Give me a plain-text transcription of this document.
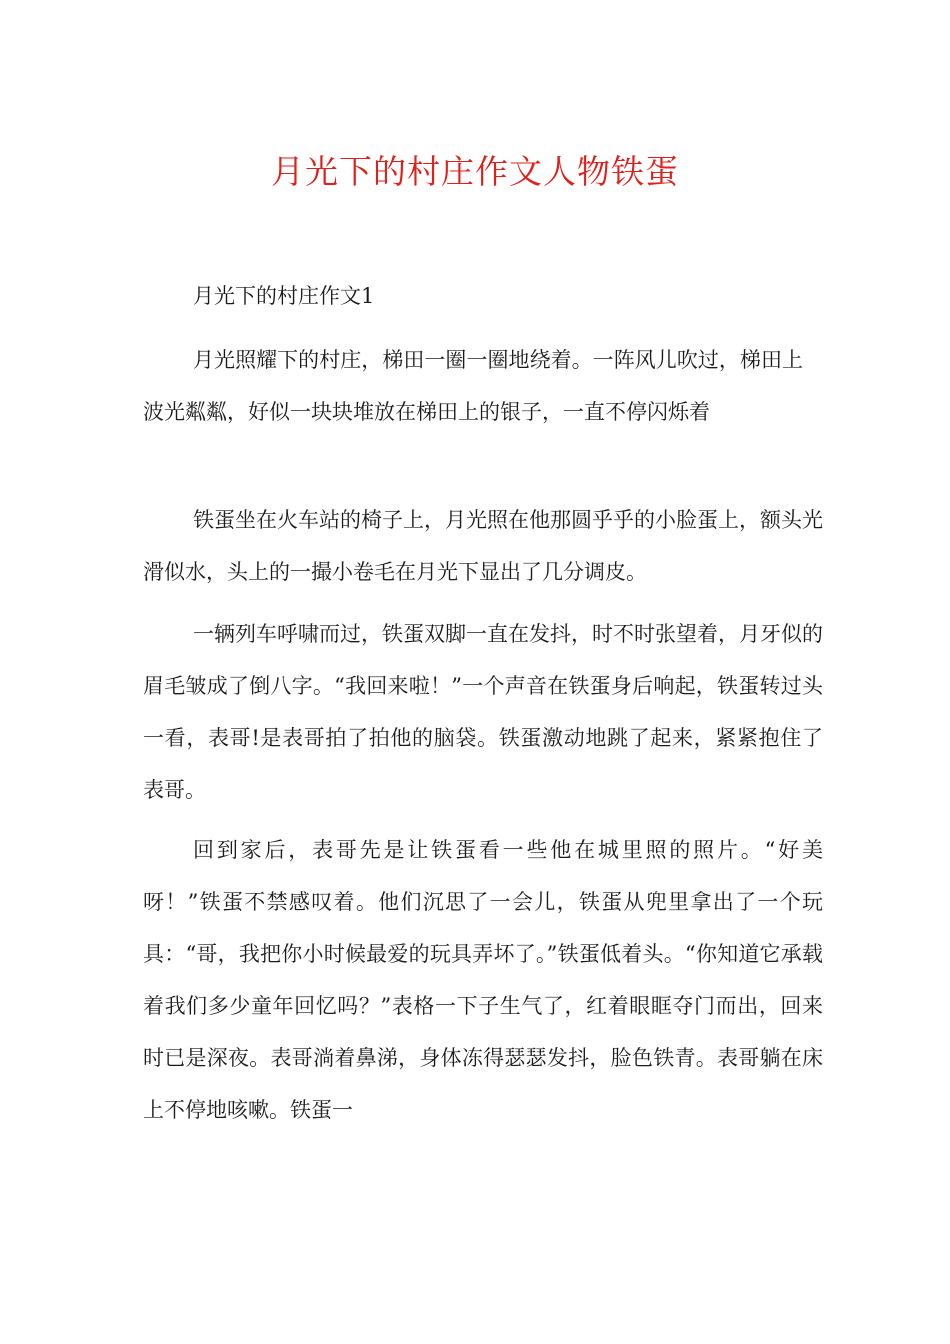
月光下的村庄作文人物铁蛋
月光下的村庄作文1

月光照耀下的村庄，梯田一圈一圈地绕着。一阵风儿吹过，梯田上波光粼粼，好似一块块堆放在梯田上的银子，一直不停闪烁着

铁蛋坐在火车站的椅子上，月光照在他那圆乎乎的小脸蛋上，额头光滑似水，头上的一撮小卷毛在月光下显出了几分调皮。

一辆列车呼啸而过，铁蛋双脚一直在发抖，时不时张望着，月牙似的眉毛皱成了倒八字。“我回来啦！”一个声音在铁蛋身后响起，铁蛋转过头一看，表哥!是表哥拍了拍他的脑袋。铁蛋激动地跳了起来，紧紧抱住了表哥。

回到家后，表哥先是让铁蛋看一些他在城里照的照片。“好美呀！”铁蛋不禁感叹着。他们沉思了一会儿，铁蛋从兜里拿出了一个玩具：“哥，我把你小时候最爱的玩具弄坏了。”铁蛋低着头。“你知道它承载着我们多少童年回忆吗？”表格一下子生气了，红着眼眶夺门而出，回来时已是深夜。表哥淌着鼻涕，身体冻得瑟瑟发抖，脸色铁青。表哥躺在床上不停地咳嗽。铁蛋一
